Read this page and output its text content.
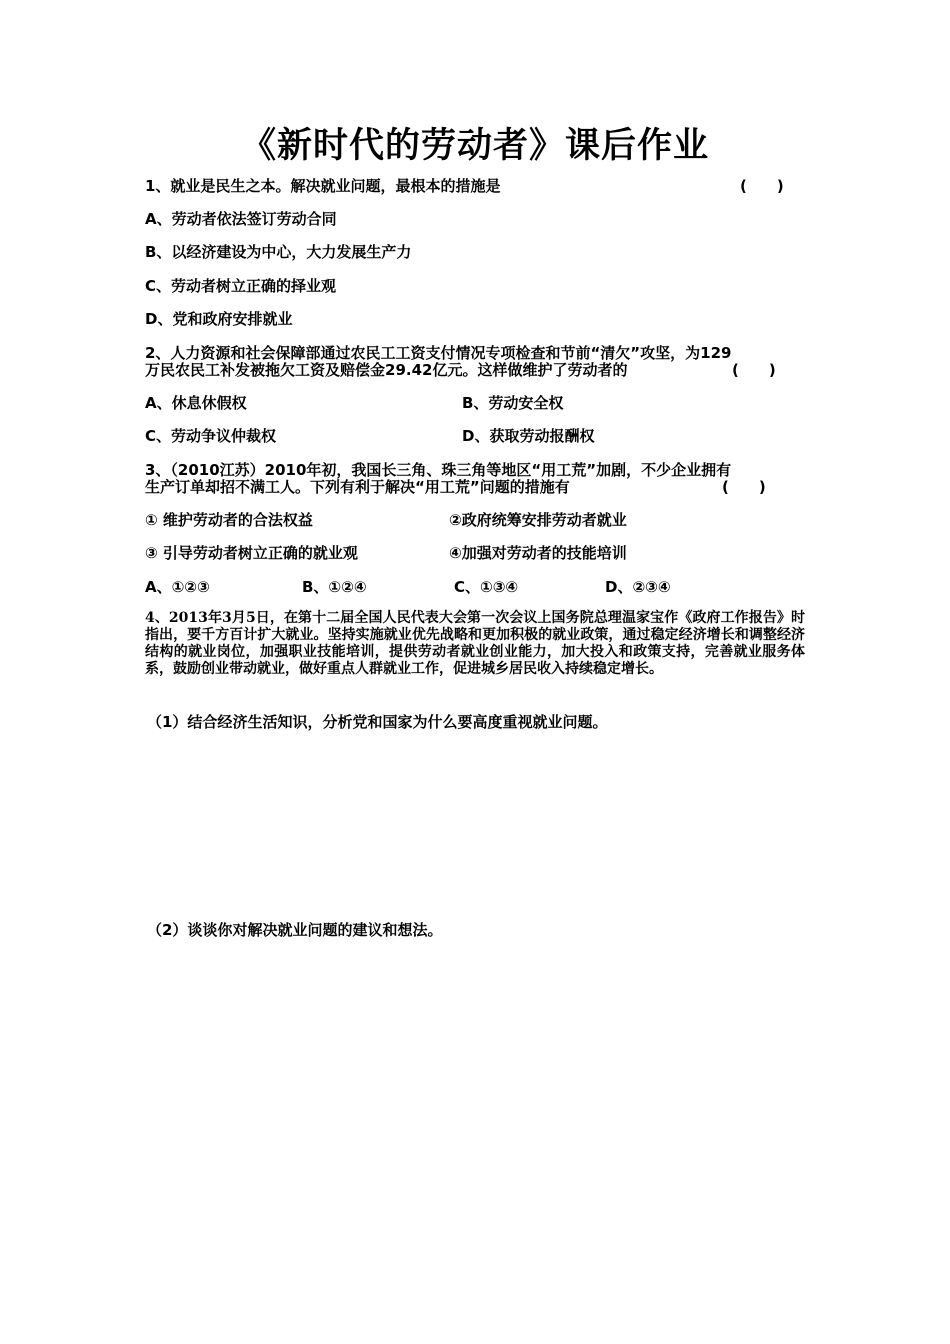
《新时代的劳动者》课后作业
1、就业是民生之本。解决就业问题，最根本的措施是	(　　)
A、劳动者依法签订劳动合同
B、以经济建设为中心，大力发展生产力
C、劳动者树立正确的择业观
D、党和政府安排就业
2、人力资源和社会保障部通过农民工工资支付情况专项检查和节前“清欠”攻坚，为129
万民农民工补发被拖欠工资及赔偿金29.42亿元。这样做维护了劳动者的	(　　)
A、休息休假权	B、劳动安全权
C、劳动争议仲裁权	D、获取劳动报酬权
3、（2010江苏）2010年初，我国长三角、珠三角等地区“用工荒”加剧，不少企业拥有
生产订单却招不满工人。下列有利于解决“用工荒”问题的措施有	(　　)
① 维护劳动者的合法权益	②政府统筹安排劳动者就业
③ 引导劳动者树立正确的就业观	④加强对劳动者的技能培训
A、①②③	B、①②④	C、①③④	D、②③④
4、2013年3月5日，在第十二届全国人民代表大会第一次会议上国务院总理温家宝作《政府工作报告》时指出，要千方百计扩大就业。坚持实施就业优先战略和更加积极的就业政策，通过稳定经济增长和调整经济结构的就业岗位，加强职业技能培训，提供劳动者就业创业能力，加大投入和政策支持，完善就业服务体系，鼓励创业带动就业，做好重点人群就业工作，促进城乡居民收入持续稳定增长。
（1）结合经济生活知识，分析党和国家为什么要高度重视就业问题。
（2）谈谈你对解决就业问题的建议和想法。
